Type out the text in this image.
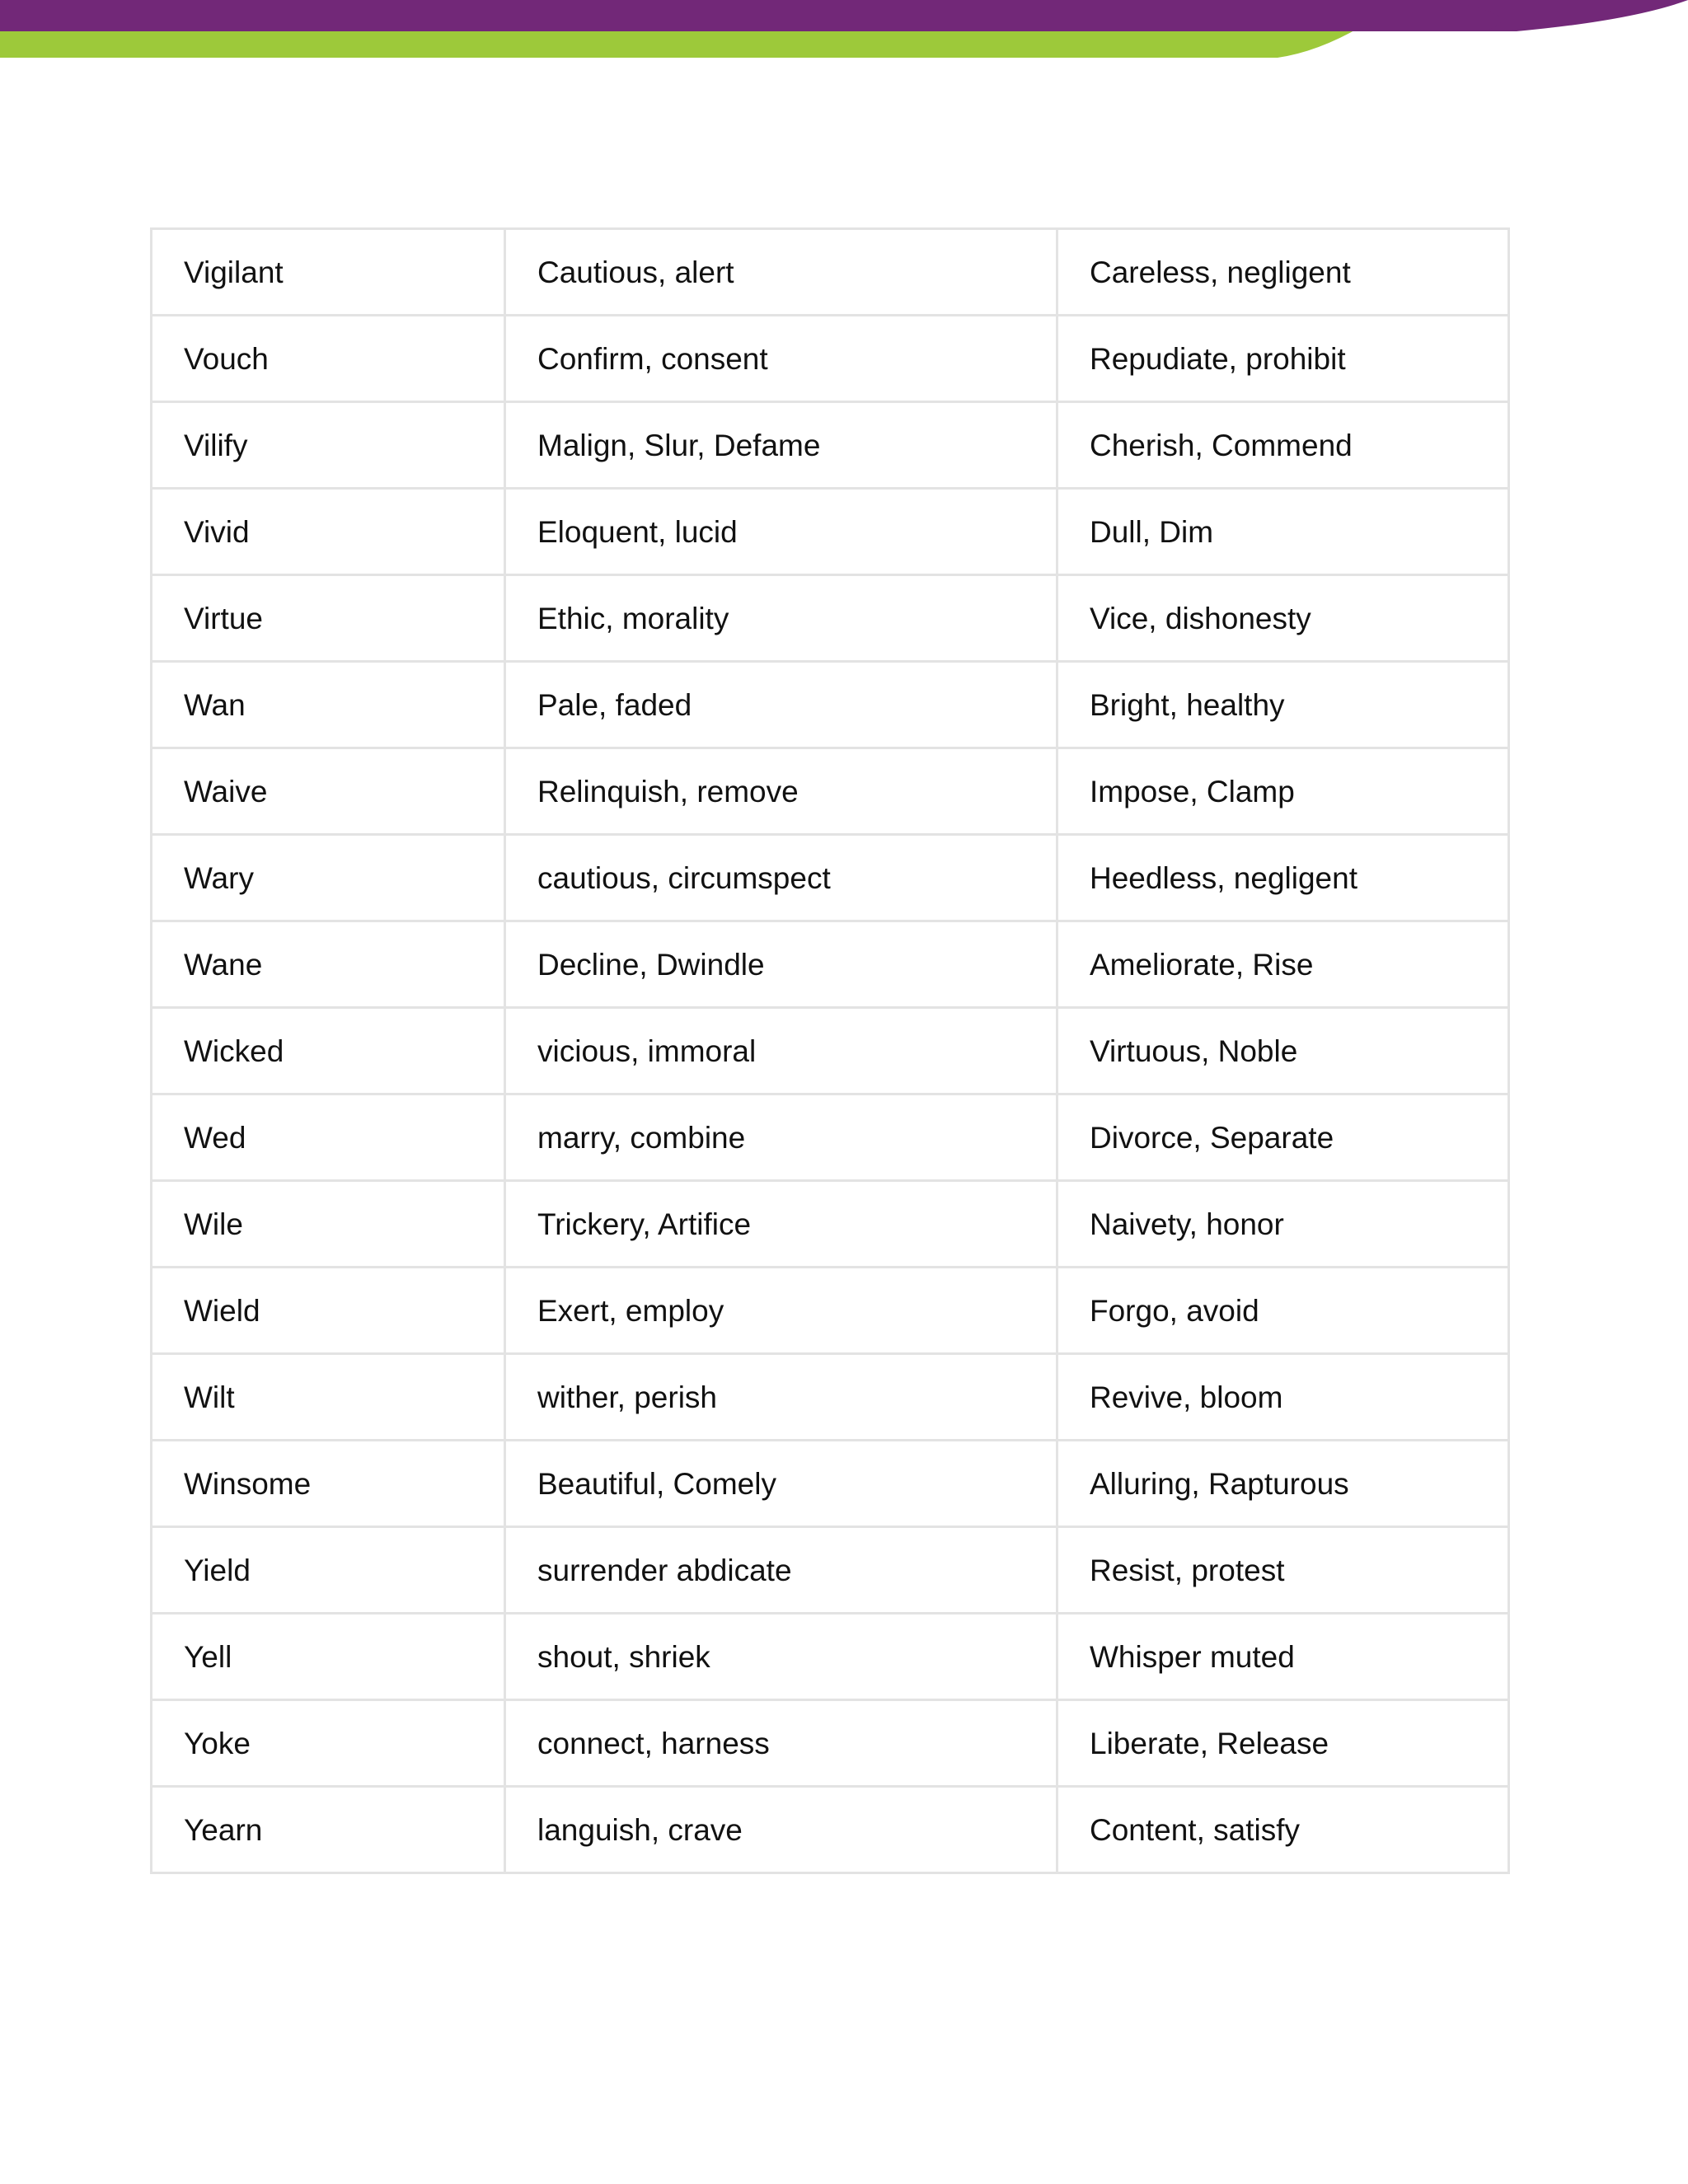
Vigilant	Cautious, alert	Careless, negligent
Vouch	Confirm, consent	Repudiate, prohibit
Vilify	Malign, Slur, Defame	Cherish, Commend
Vivid	Eloquent, lucid	Dull, Dim
Virtue	Ethic, morality	Vice, dishonesty
Wan	Pale, faded	Bright, healthy
Waive	Relinquish, remove	Impose, Clamp
Wary	cautious, circumspect	Heedless, negligent
Wane	Decline, Dwindle	Ameliorate, Rise
Wicked	vicious, immoral	Virtuous, Noble
Wed	marry, combine	Divorce, Separate
Wile	Trickery, Artifice	Naivety, honor
Wield	Exert, employ	Forgo, avoid
Wilt	wither, perish	Revive, bloom
Winsome	Beautiful, Comely	Alluring, Rapturous
Yield	surrender abdicate	Resist, protest
Yell	shout, shriek	Whisper muted
Yoke	connect, harness	Liberate, Release
Yearn	languish, crave	Content, satisfy
